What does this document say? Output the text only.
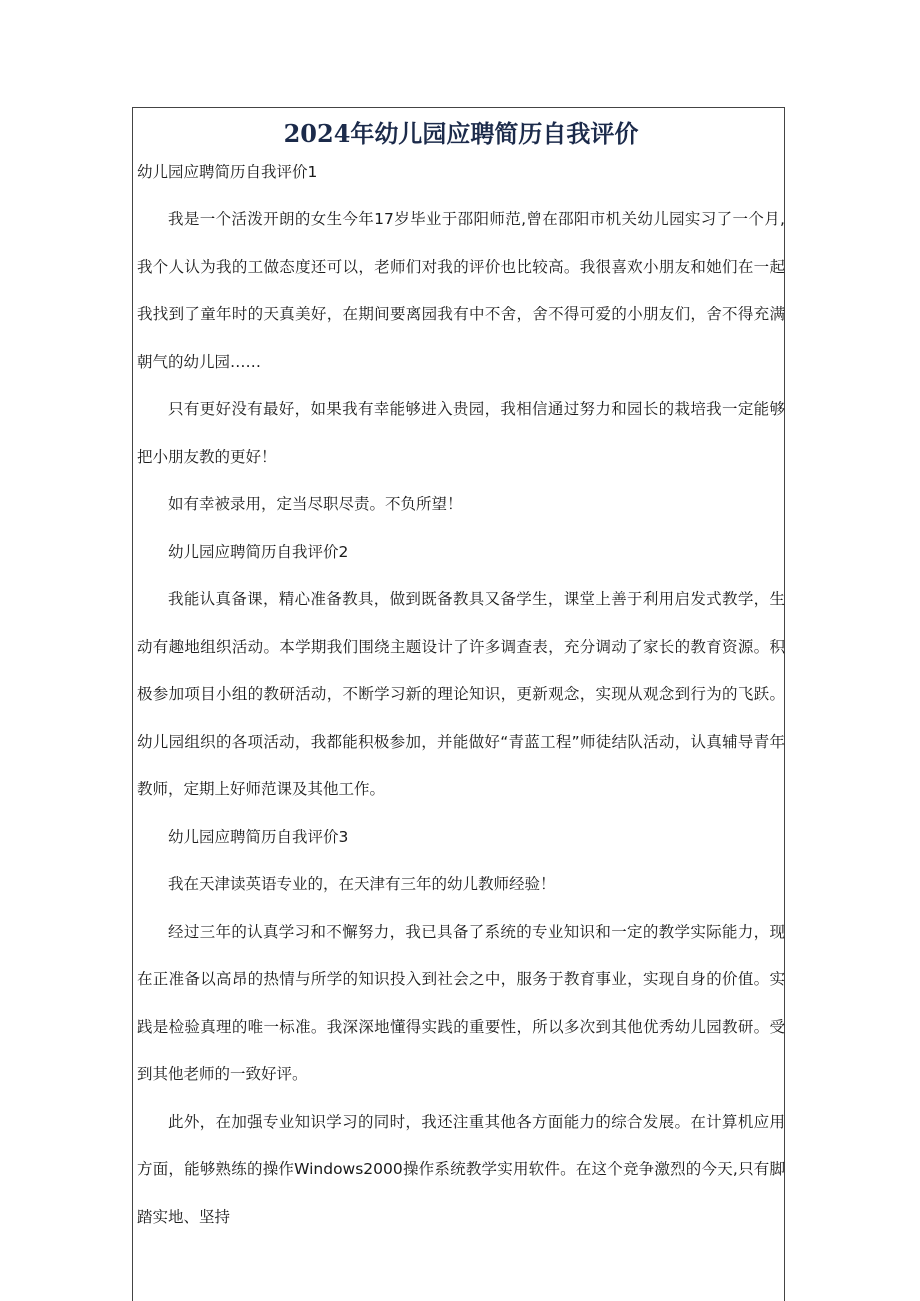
2024年幼儿园应聘简历自我评价

幼儿园应聘简历自我评价1

我是一个活泼开朗的女生今年17岁毕业于邵阳师范,曾在邵阳市机关幼儿园实习了一个月,我个人认为我的工做态度还可以，老师们对我的评价也比较高。我很喜欢小朋友和她们在一起我找到了童年时的天真美好，在期间要离园我有中不舍，舍不得可爱的小朋友们，舍不得充满朝气的幼儿园……

只有更好没有最好，如果我有幸能够进入贵园，我相信通过努力和园长的栽培我一定能够把小朋友教的更好！

如有幸被录用，定当尽职尽责。不负所望！

幼儿园应聘简历自我评价2

我能认真备课，精心准备教具，做到既备教具又备学生，课堂上善于利用启发式教学，生动有趣地组织活动。本学期我们围绕主题设计了许多调查表，充分调动了家长的教育资源。积极参加项目小组的教研活动，不断学习新的理论知识，更新观念，实现从观念到行为的飞跃。幼儿园组织的各项活动，我都能积极参加，并能做好“青蓝工程”师徒结队活动，认真辅导青年教师，定期上好师范课及其他工作。

幼儿园应聘简历自我评价3

我在天津读英语专业的，在天津有三年的幼儿教师经验！

经过三年的认真学习和不懈努力，我已具备了系统的专业知识和一定的教学实际能力，现在正准备以高昂的热情与所学的知识投入到社会之中，服务于教育事业，实现自身的价值。实践是检验真理的唯一标准。我深深地懂得实践的重要性，所以多次到其他优秀幼儿园教研。受到其他老师的一致好评。

此外，在加强专业知识学习的同时，我还注重其他各方面能力的综合发展。在计算机应用方面，能够熟练的操作Windows2000操作系统教学实用软件。在这个竞争激烈的今天,只有脚踏实地、坚持
